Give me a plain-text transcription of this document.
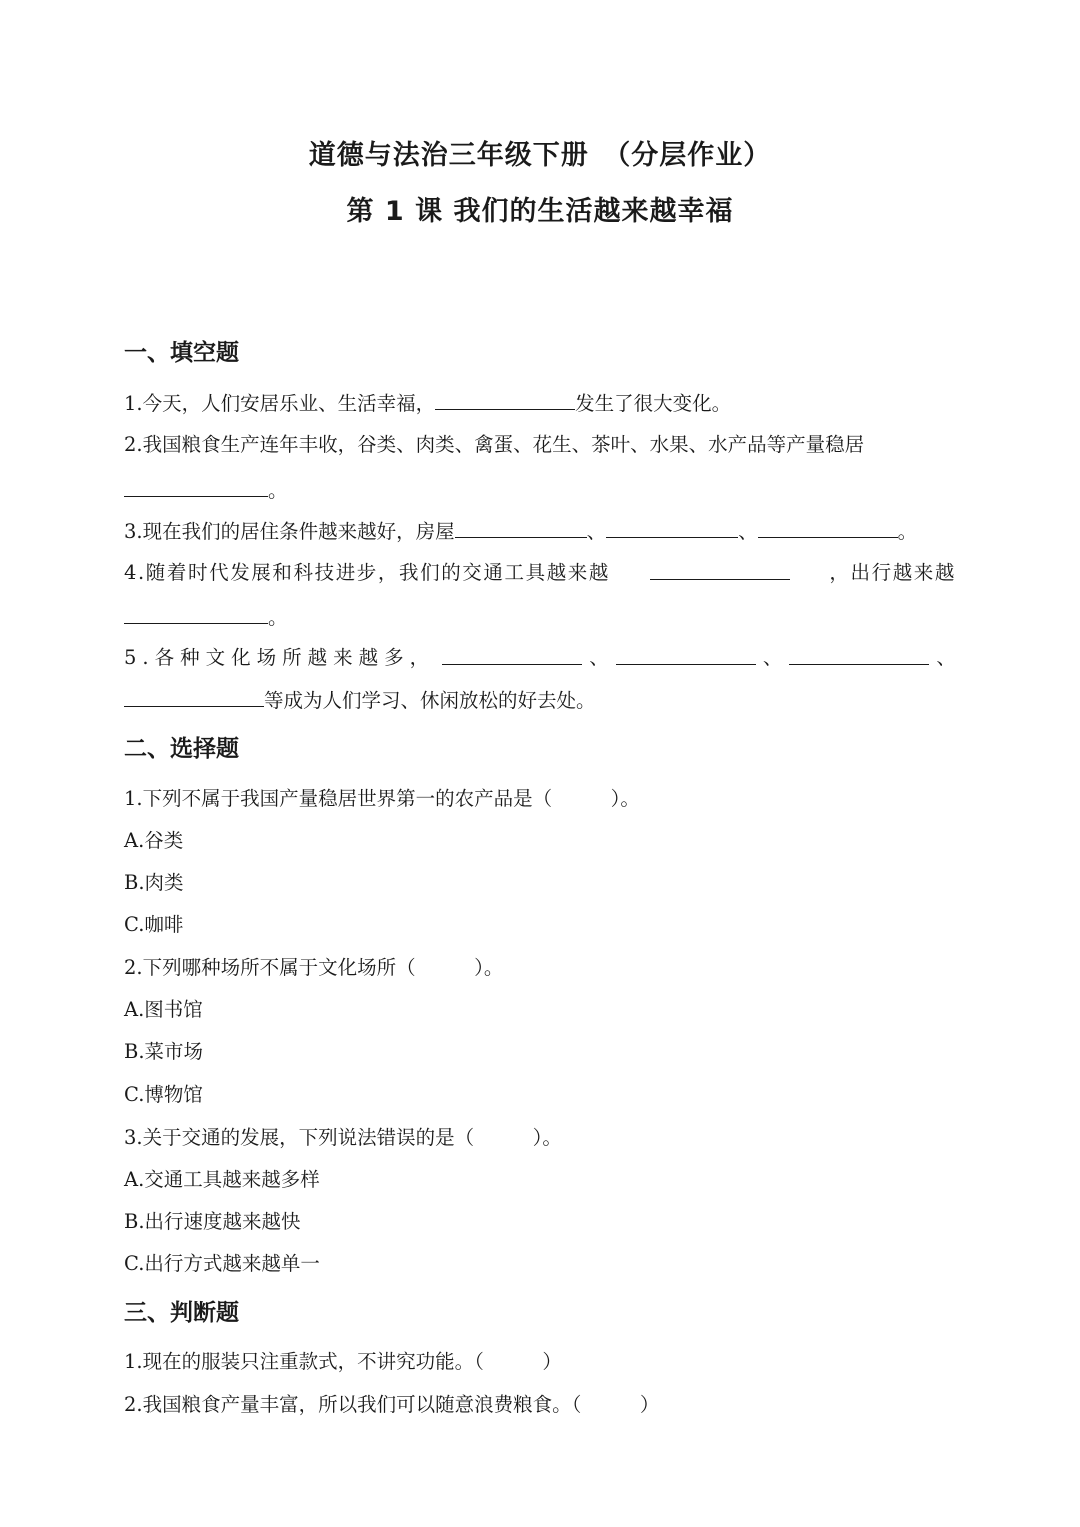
道德与法治三年级下册　（分层作业）
第 1 课 我们的生活越来越幸福
一、填空题
1.今天，人们安居乐业、生活幸福，	发生了很大变化。
2.我国粮食生产连年丰收，谷类、肉类、禽蛋、花生、茶叶、水果、水产品等产量稳居
。
3.现在我们的居住条件越来越好，房屋	、	、	。
4.随着时代发展和科技进步，我们的交通工具越来越	，出行越来越
。
5.各种文化场所越来越多，	、	、	、
等成为人们学习、休闲放松的好去处。
二、选择题
1.下列不属于我国产量稳居世界第一的农产品是（　　　）。
A.谷类
B.肉类
C.咖啡
2.下列哪种场所不属于文化场所（　　　）。
A.图书馆
B.菜市场
C.博物馆
3.关于交通的发展，下列说法错误的是（　　　）。
A.交通工具越来越多样
B.出行速度越来越快
C.出行方式越来越单一
三、判断题
1.现在的服装只注重款式，不讲究功能。（　　　）
2.我国粮食产量丰富，所以我们可以随意浪费粮食。（　　　）
